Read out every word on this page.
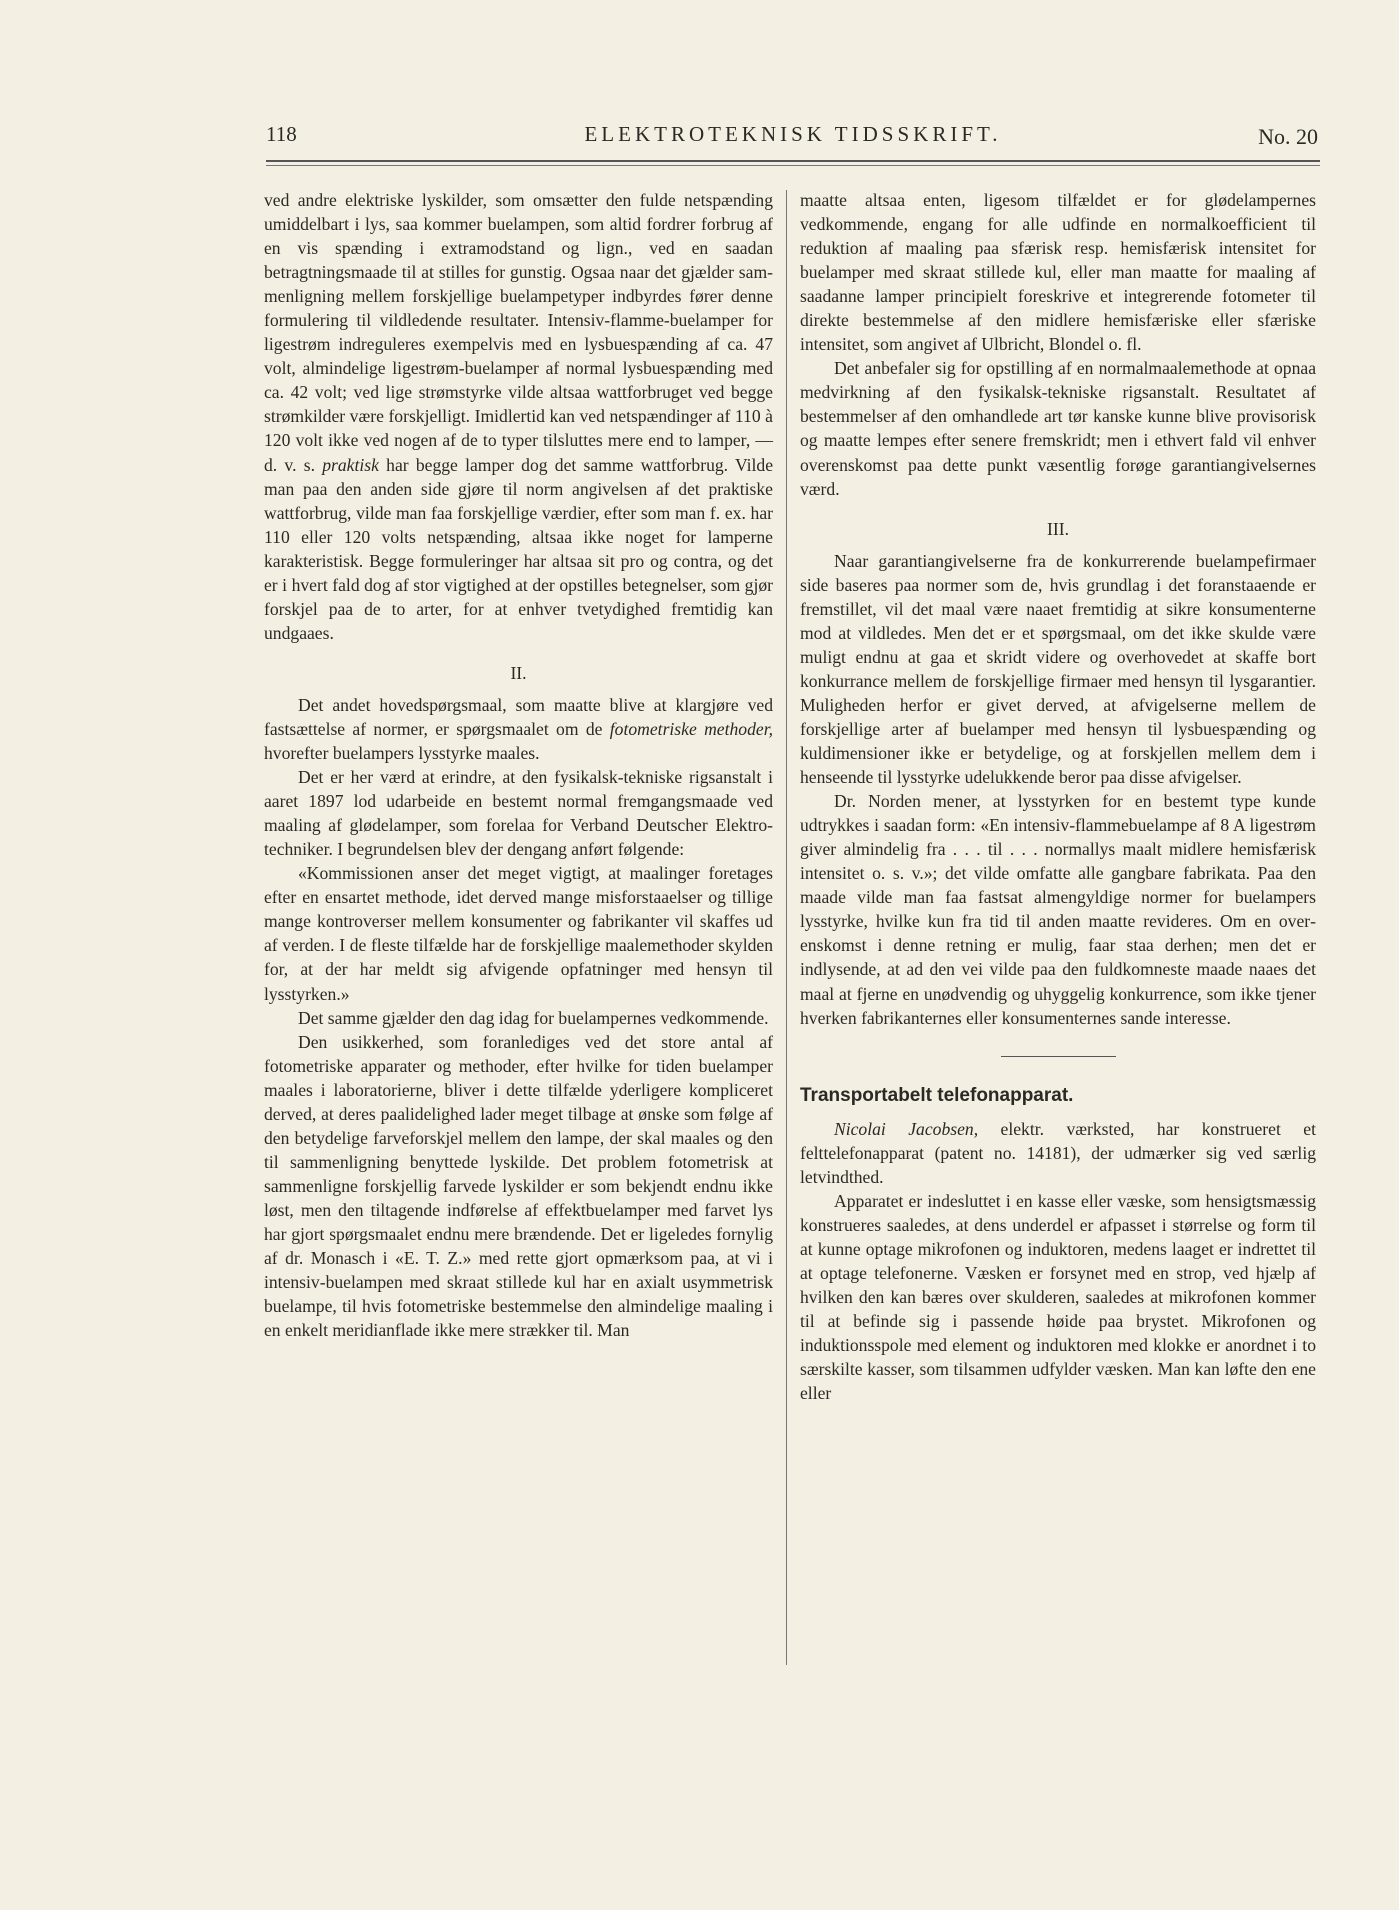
118	ELEKTROTEKNISK TIDSSKRIFT.	No. 20

ved andre elektriske lyskilder, som omsætter den fulde netspænding umiddelbart i lys, saa kommer buelampen, som altid fordrer forbrug af en vis spænding i extramodstand og lign., ved en saadan betragtningsmaade til at stilles for gunstig. Ogsaa naar det gjælder sammenligning mellem forskjellige buelampetyper indbyrdes fører denne formulering til vildledende resultater. Intensiv-flamme-buelamper for ligestrøm indreguleres exempelvis med en lysbuespænding af ca. 47 volt, almindelige ligestrøm-buelamper af normal lysbuespænding med ca. 42 volt; ved lige strømstyrke vilde altsaa wattforbruget ved begge strømkilder være forskjelligt. Imidlertid kan ved netspændinger af 110 à 120 volt ikke ved nogen af de to typer tilsluttes mere end to lamper, — d. v. s. praktisk har begge lamper dog det samme wattforbrug. Vilde man paa den anden side gjøre til norm angivelsen af det praktiske wattforbrug, vilde man faa forskjellige værdier, efter som man f. ex. har 110 eller 120 volts netspænding, altsaa ikke noget for lamperne karakteristisk. Begge formuleringer har altsaa sit pro og contra, og det er i hvert fald dog af stor vigtighed at der opstilles betegnelser, som gjør forskjel paa de to arter, for at enhver tvetydighed fremtidig kan undgaaes.

II.

Det andet hovedspørgsmaal, som maatte blive at klargjøre ved fastsættelse af normer, er spørgsmaalet om de fotometriske methoder, hvorefter buelampers lysstyrke maales.

Det er her værd at erindre, at den fysikalsk-tekniske rigsanstalt i aaret 1897 lod udarbeide en bestemt normal fremgangsmaade ved maaling af glødelamper, som forelaa for Verband Deutscher Elektrotechniker. I begrundelsen blev der dengang anført følgende:

«Kommissionen anser det meget vigtigt, at maalinger foretages efter en ensartet methode, idet derved mange misforstaaelser og tillige mange kontroverser mellem konsumenter og fabrikanter vil skaffes ud af verden. I de fleste tilfælde har de forskjellige maalemethoder skylden for, at der har meldt sig afvigende opfatninger med hensyn til lysstyrken.»

Det samme gjælder den dag idag for buelampernes vedkommende.

Den usikkerhed, som foranlediges ved det store antal af fotometriske apparater og methoder, efter hvilke for tiden buelamper maales i laboratorierne, bliver i dette tilfælde yderligere kompliceret derved, at deres paalidelighed lader meget tilbage at ønske som følge af den betydelige farveforskjel mellem den lampe, der skal maales og den til sammenligning benyttede lyskilde. Det problem fotometrisk at sammenligne forskjellig farvede lyskilder er som bekjendt endnu ikke løst, men den tiltagende indførelse af effektbuelamper med farvet lys har gjort spørgsmaalet endnu mere brændende. Det er ligeledes fornylig af dr. Monasch i «E. T. Z.» med rette gjort opmærksom paa, at vi i intensiv-buelampen med skraat stillede kul har en axialt usymmetrisk buelampe, til hvis fotometriske bestemmelse den almindelige maaling i en enkelt meridianflade ikke mere strækker til. Man

maatte altsaa enten, ligesom tilfældet er for glødelampernes vedkommende, engang for alle udfinde en normalkoefficient til reduktion af maaling paa sfærisk resp. hemisfærisk intensitet for buelamper med skraat stillede kul, eller man maatte for maaling af saadanne lamper principielt foreskrive et integrerende fotometer til direkte bestemmelse af den midlere hemisfæriske eller sfæriske intensitet, som angivet af Ulbricht, Blondel o. fl.

Det anbefaler sig for opstilling af en normalmaalemethode at opnaa medvirkning af den fysikalsk-tekniske rigsanstalt. Resultatet af bestemmelser af den omhandlede art tør kanske kunne blive provisorisk og maatte lempes efter senere fremskridt; men i ethvert fald vil enhver overenskomst paa dette punkt væsentlig forøge garantiangivelsernes værd.

III.

Naar garantiangivelserne fra de konkurrerende buelampefirmaer side baseres paa normer som de, hvis grundlag i det foranstaaende er fremstillet, vil det maal være naaet fremtidig at sikre konsumenterne mod at vildledes. Men det er et spørgsmaal, om det ikke skulde være muligt endnu at gaa et skridt videre og overhovedet at skaffe bort konkurrance mellem de forskjellige firmaer med hensyn til lysgarantier. Muligheden herfor er givet derved, at afvigelserne mellem de forskjellige arter af buelamper med hensyn til lysbuespænding og kuldimensioner ikke er betydelige, og at forskjellen mellem dem i henseende til lysstyrke udelukkende beror paa disse afvigelser.

Dr. Norden mener, at lysstyrken for en bestemt type kunde udtrykkes i saadan form: «En intensiv-flammebuelampe af 8 A ligestrøm giver almindelig fra . . . til . . . normallys maalt midlere hemisfærisk intensitet o. s. v.»; det vilde omfatte alle gangbare fabrikata. Paa den maade vilde man faa fastsat almengyldige normer for buelampers lysstyrke, hvilke kun fra tid til anden maatte revideres. Om en overenskomst i denne retning er mulig, faar staa derhen; men det er indlysende, at ad den vei vilde paa den fuldkomneste maade naaes det maal at fjerne en unødvendig og uhyggelig konkurrence, som ikke tjener hverken fabrikanternes eller konsumenternes sande interesse.

Transportabelt telefonapparat.

Nicolai Jacobsen, elektr. værksted, har konstrueret et felttelefonapparat (patent no. 14181), der udmærker sig ved særlig letvindthed.

Apparatet er indesluttet i en kasse eller væske, som hensigtsmæssig konstrueres saaledes, at dens underdel er afpasset i størrelse og form til at kunne optage mikrofonen og induktoren, medens laaget er indrettet til at optage telefonerne. Væsken er forsynet med en strop, ved hjælp af hvilken den kan bæres over skulderen, saaledes at mikrofonen kommer til at befinde sig i passende høide paa brystet. Mikrofonen og induktionsspole med element og induktoren med klokke er anordnet i to særskilte kasser, som tilsammen udfylder væsken. Man kan løfte den ene eller
